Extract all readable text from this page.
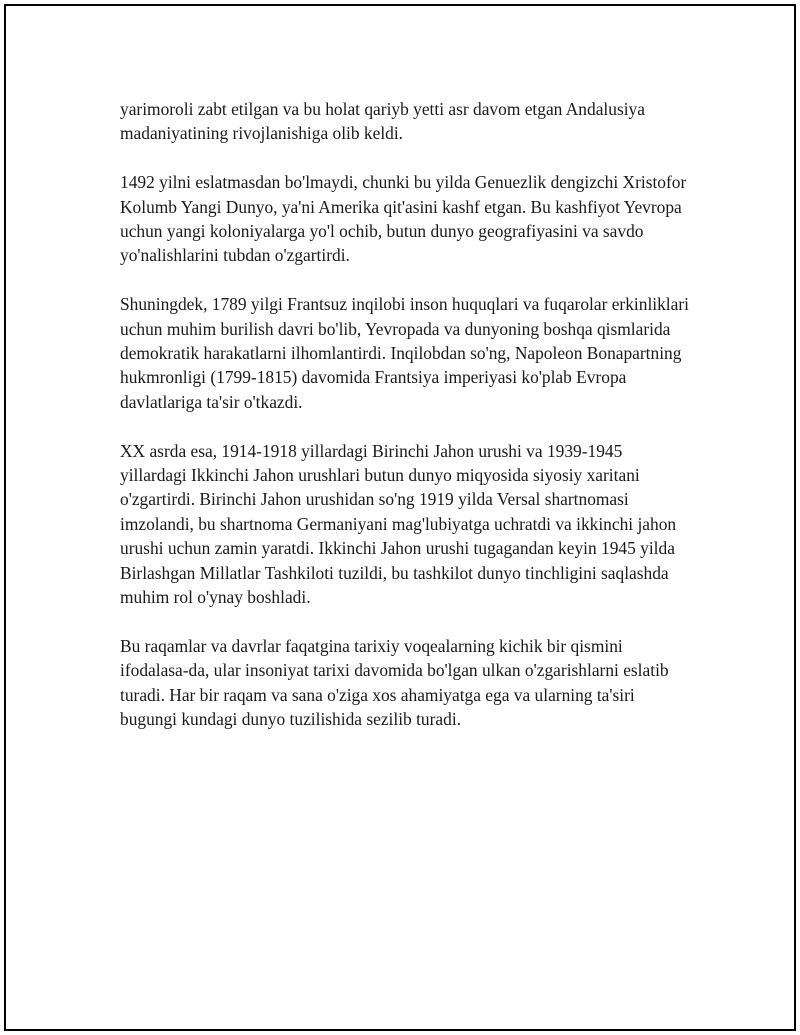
yarimoroli zabt etilgan va bu holat qariyb yetti asr davom etgan Andalusiya madaniyatining rivojlanishiga olib keldi.

1492 yilni eslatmasdan bo'lmaydi, chunki bu yilda Genuezlik dengizchi Xristofor Kolumb Yangi Dunyo, ya'ni Amerika qit'asini kashf etgan. Bu kashfiyot Yevropa uchun yangi koloniyalarga yo'l ochib, butun dunyo geografiyasini va savdo yo'nalishlarini tubdan o'zgartirdi.

Shuningdek, 1789 yilgi Frantsuz inqilobi inson huquqlari va fuqarolar erkinliklari uchun muhim burilish davri bo'lib, Yevropada va dunyoning boshqa qismlarida demokratik harakatlarni ilhomlantirdi. Inqilobdan so'ng, Napoleon Bonapartning hukmronligi (1799-1815) davomida Frantsiya imperiyasi ko'plab Evropa davlatlariga ta'sir o'tkazdi.

XX asrda esa, 1914-1918 yillardagi Birinchi Jahon urushi va 1939-1945 yillardagi Ikkinchi Jahon urushlari butun dunyo miqyosida siyosiy xaritani o'zgartirdi. Birinchi Jahon urushidan so'ng 1919 yilda Versal shartnomasi imzolandi, bu shartnoma Germaniyani mag'lubiyatga uchratdi va ikkinchi jahon urushi uchun zamin yaratdi. Ikkinchi Jahon urushi tugagandan keyin 1945 yilda Birlashgan Millatlar Tashkiloti tuzildi, bu tashkilot dunyo tinchligini saqlashda muhim rol o'ynay boshladi.

Bu raqamlar va davrlar faqatgina tarixiy voqealarning kichik bir qismini ifodalasa-da, ular insoniyat tarixi davomida bo'lgan ulkan o'zgarishlarni eslatib turadi. Har bir raqam va sana o'ziga xos ahamiyatga ega va ularning ta'siri bugungi kundagi dunyo tuzilishida sezilib turadi.
